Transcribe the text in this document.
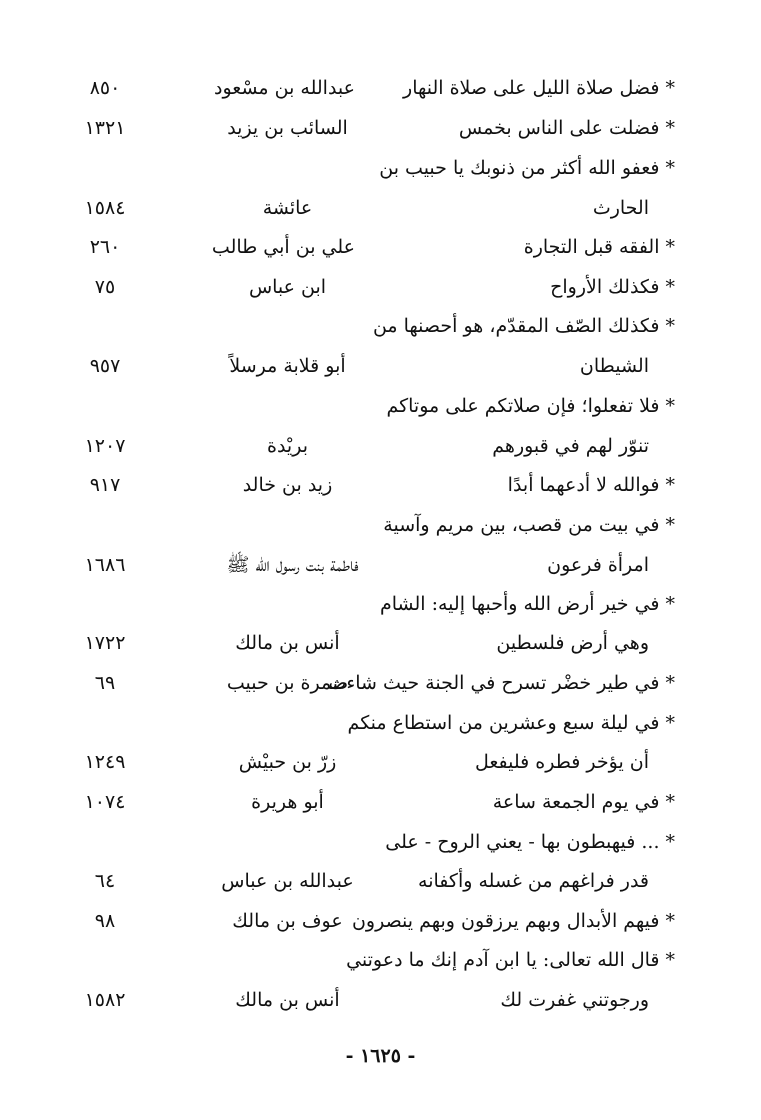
*فضل صلاة الليل على صلاة النهار
عبدالله بن مسْعود
٨٥٠
*فضلت على الناس بخمس
السائب بن يزيد
١٣٢١
*فعفو الله أكثر من ذنوبك يا حبيب بن
الحارث
عائشة
١٥٨٤
*الفقه قبل التجارة
علي بن أبي طالب
٢٦٠
*فكذلك الأرواح
ابن عباس
٧٥
*فكذلك الصّف المقدّم، هو أحصنها من
الشيطان
أبو قلابة مرسلاً
٩٥٧
*فلا تفعلوا؛ فإن صلاتكم على موتاكم
تنوّر لهم في قبورهم
بريْدة
١٢٠٧
*فوالله لا أدعهما أبدًا
زيد بن خالد
٩١٧
*في بيت من قصب، بين مريم وآسية
امرأة فرعون
فاطمة بنت رسول الله ﷺ
١٦٨٦
*في خير أرض الله وأحبها إليه: الشام
وهي أرض فلسطين
أنس بن مالك
١٧٢٢
*في طير خضْر تسرح في الجنة حيث شاءت
ضمرة بن حبيب
٦٩
*في ليلة سبع وعشرين من استطاع منكم
أن يؤخر فطره فليفعل
زرّ بن حبيْش
١٢٤٩
*في يوم الجمعة ساعة
أبو هريرة
١٠٧٤
*... فيهبطون بها - يعني الروح - على
قدر فراغهم من غسله وأكفانه
عبدالله بن عباس
٦٤
*فيهم الأبدال وبهم يرزقون وبهم ينصرون
عوف بن مالك
٩٨
*قال الله تعالى: يا ابن آدم إنك ما دعوتني
ورجوتني غفرت لك
أنس بن مالك
١٥٨٢
- ١٦٢٥ -
